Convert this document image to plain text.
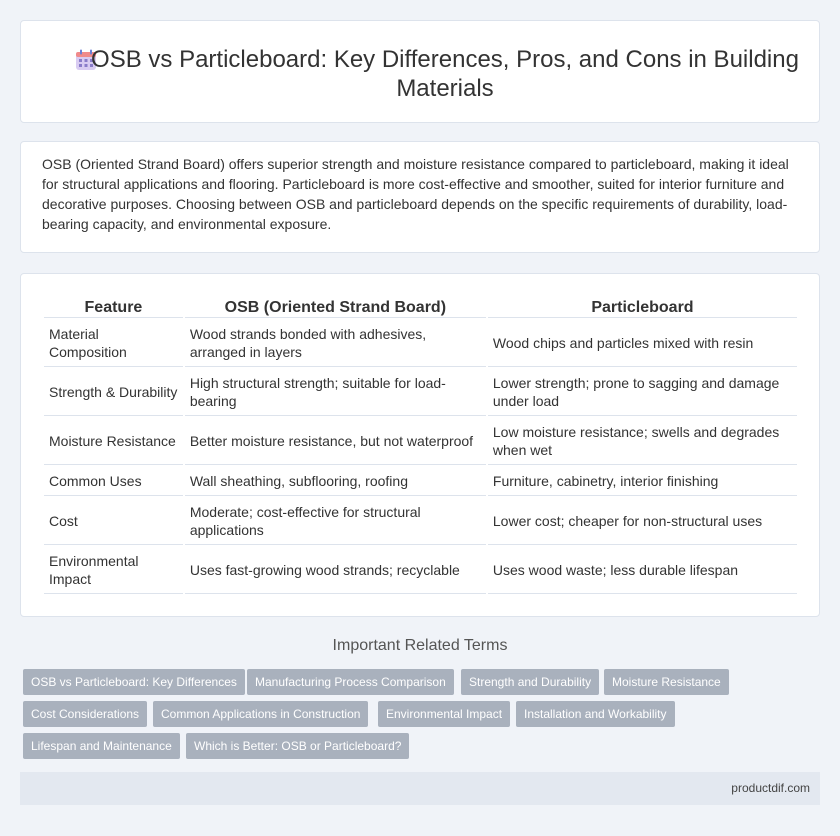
OSB vs Particleboard: Key Differences, Pros, and Cons in Building Materials

OSB (Oriented Strand Board) offers superior strength and moisture resistance compared to particleboard, making it ideal for structural applications and flooring. Particleboard is more cost-effective and smoother, suited for interior furniture and decorative purposes. Choosing between OSB and particleboard depends on the specific requirements of durability, load-bearing capacity, and environmental exposure.

Feature	OSB (Oriented Strand Board)	Particleboard
Material Composition	Wood strands bonded with adhesives, arranged in layers	Wood chips and particles mixed with resin
Strength & Durability	High structural strength; suitable for load-bearing	Lower strength; prone to sagging and damage under load
Moisture Resistance	Better moisture resistance, but not waterproof	Low moisture resistance; swells and degrades when wet
Common Uses	Wall sheathing, subflooring, roofing	Furniture, cabinetry, interior finishing
Cost	Moderate; cost-effective for structural applications	Lower cost; cheaper for non-structural uses
Environmental Impact	Uses fast-growing wood strands; recyclable	Uses wood waste; less durable lifespan
Important Related Terms
OSB vs Particleboard: Key Differences	Manufacturing Process Comparison	Strength and Durability	Moisture Resistance
Cost Considerations	Common Applications in Construction	Environmental Impact	Installation and Workability
Lifespan and Maintenance	Which is Better: OSB or Particleboard?
productdif.com
